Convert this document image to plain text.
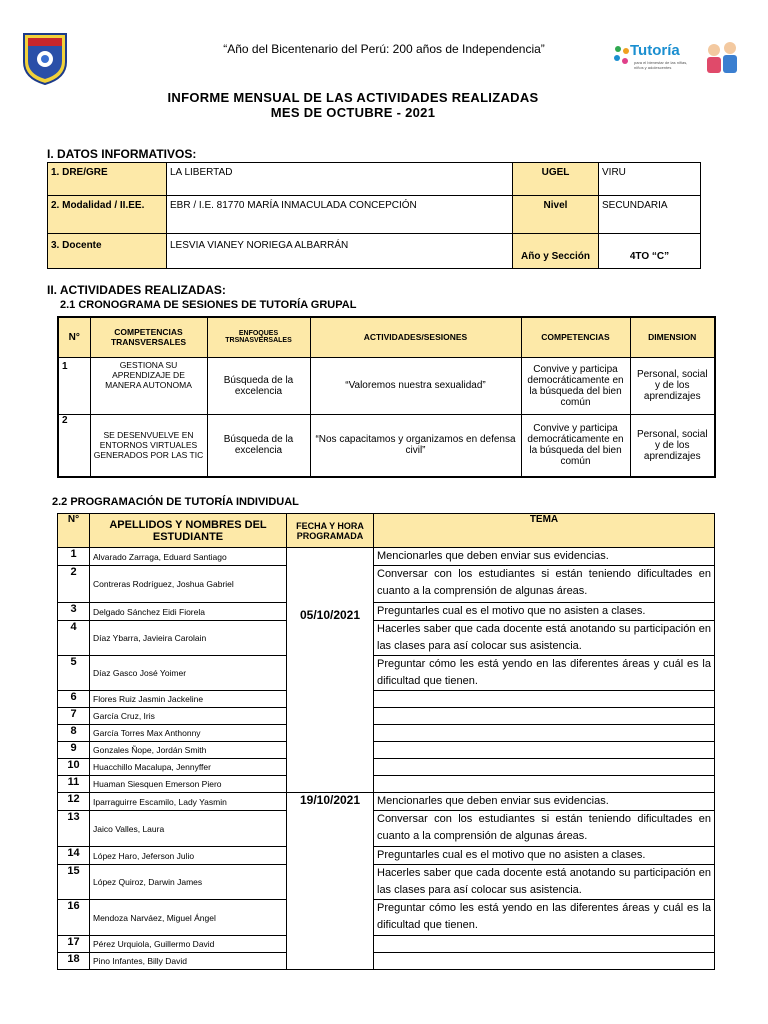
“Año del Bicentenario del Perú: 200 años de Independencia”	Tutoría
para el bienestar de las niñas, niños y adolescentes
INFORME MENSUAL DE LAS ACTIVIDADES REALIZADAS
MES DE OCTUBRE - 2021
I. DATOS INFORMATIVOS:
1. DRE/GRE	LA LIBERTAD	UGEL	VIRU
2. Modalidad / II.EE.	EBR / I.E. 81770 MARÍA INMACULADA CONCEPCIÓN	Nivel	SECUNDARIA
3. Docente	LESVIA VIANEY NORIEGA ALBARRÁN	Año y Sección	4TO “C”
II. ACTIVIDADES REALIZADAS:
2.1 CRONOGRAMA DE SESIONES DE TUTORÍA GRUPAL
N°	COMPETENCIAS TRANSVERSALES	ENFOQUES TRSNASVERSALES	ACTIVIDADES/SESIONES	COMPETENCIAS	DIMENSION
1	GESTIONA SU APRENDIZAJE DE MANERA AUTONOMA	Búsqueda de la excelencia	“Valoremos nuestra sexualidad”	Convive y participa democráticamente en la búsqueda del bien común	Personal, social y de los aprendizajes
2	SE DESENVUELVE EN ENTORNOS VIRTUALES GENERADOS POR LAS TIC	Búsqueda de la excelencia	“Nos capacitamos y organizamos en defensa civil”	Convive y participa democráticamente en la búsqueda del bien común	Personal, social y de los aprendizajes
2.2 PROGRAMACIÓN DE TUTORÍA INDIVIDUAL
N°	APELLIDOS Y NOMBRES DEL ESTUDIANTE	FECHA Y HORA PROGRAMADA	TEMA
1	Alvarado Zarraga, Eduard Santiago	05/10/2021	Mencionarles que deben enviar sus evidencias.
2	Contreras Rodríguez, Joshua Gabriel		Conversar con los estudiantes si están teniendo dificultades en cuanto a la comprensión de algunas áreas.
3	Delgado Sánchez Eidi Fiorela		Preguntarles cual es el motivo que no asisten a clases.
4	Díaz Ybarra, Javieira Carolain		Hacerles saber que cada docente está anotando su participación en las clases para así colocar sus asistencia.
5	Díaz Gasco José Yoimer		Preguntar cómo les está yendo en las diferentes áreas y cuál es la dificultad que tienen.
6	Flores Ruiz Jasmin Jackeline		
7	García Cruz, Iris		
8	García Torres Max Anthonny		
9	Gonzales Ñope, Jordán Smith		
10	Huacchillo Macalupa, Jennyffer		
11	Huaman Siesquen Emerson Piero		
12	Iparraguirre Escamilo, Lady Yasmin	19/10/2021	Mencionarles que deben enviar sus evidencias.
13	Jaico Valles, Laura		Conversar con los estudiantes si están teniendo dificultades en cuanto a la comprensión de algunas áreas.
14	López Haro, Jeferson Julio		Preguntarles cual es el motivo que no asisten a clases.
15	López Quiroz, Darwin James		Hacerles saber que cada docente está anotando su participación en las clases para así colocar sus asistencia.
16	Mendoza Narváez, Miguel Ángel		Preguntar cómo les está yendo en las diferentes áreas y cuál es la dificultad que tienen.
17	Pérez Urquiola, Guillermo David		
18	Pino Infantes, Billy David		
